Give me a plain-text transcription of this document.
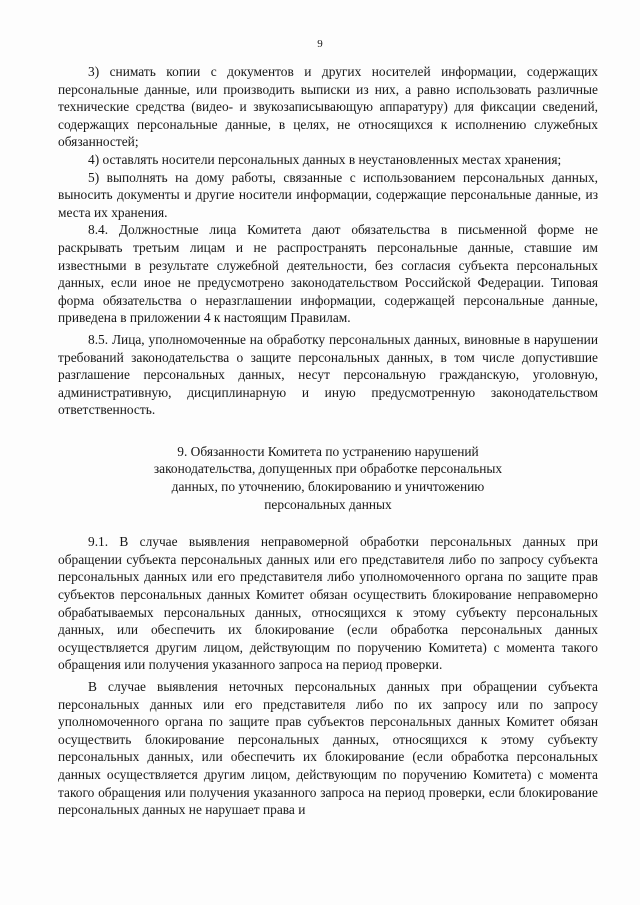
9

3) снимать копии с документов и других носителей информации, содержащих персональные данные, или производить выписки из них, а равно использовать различные технические средства (видео- и звукозаписывающую аппаратуру) для фиксации сведений, содержащих персональные данные, в целях, не относящихся к исполнению служебных обязанностей;

4) оставлять носители персональных данных в неустановленных местах хранения;

5) выполнять на дому работы, связанные с использованием персональных данных, выносить документы и другие носители информации, содержащие персональные данные, из места их хранения.

8.4. Должностные лица Комитета дают обязательства в письменной форме не раскрывать третьим лицам и не распространять персональные данные, ставшие им известными в результате служебной деятельности, без согласия субъекта персональных данных, если иное не предусмотрено законодательством Российской Федерации. Типовая форма обязательства о неразглашении информации, содержащей персональные данные, приведена в приложении 4 к настоящим Правилам.

8.5. Лица, уполномоченные на обработку персональных данных, виновные в нарушении требований законодательства о защите персональных данных, в том числе допустившие разглашение персональных данных, несут персональную гражданскую, уголовную, административную, дисциплинарную и иную предусмотренную законодательством ответственность.

9. Обязанности Комитета по устранению нарушений
законодательства, допущенных при обработке персональных
данных, по уточнению, блокированию и уничтожению
персональных данных

9.1. В случае выявления неправомерной обработки персональных данных при обращении субъекта персональных данных или его представителя либо по запросу субъекта персональных данных или его представителя либо уполномоченного органа по защите прав субъектов персональных данных Комитет обязан осуществить блокирование неправомерно обрабатываемых персональных данных, относящихся к этому субъекту персональных данных, или обеспечить их блокирование (если обработка персональных данных осуществляется другим лицом, действующим по поручению Комитета) с момента такого обращения или получения указанного запроса на период проверки.

В случае выявления неточных персональных данных при обращении субъекта персональных данных или его представителя либо по их запросу или по запросу уполномоченного органа по защите прав субъектов персональных данных Комитет обязан осуществить блокирование персональных данных, относящихся к этому субъекту персональных данных, или обеспечить их блокирование (если обработка персональных данных осуществляется другим лицом, действующим по поручению Комитета) с момента такого обращения или получения указанного запроса на период проверки, если блокирование персональных данных не нарушает права и
